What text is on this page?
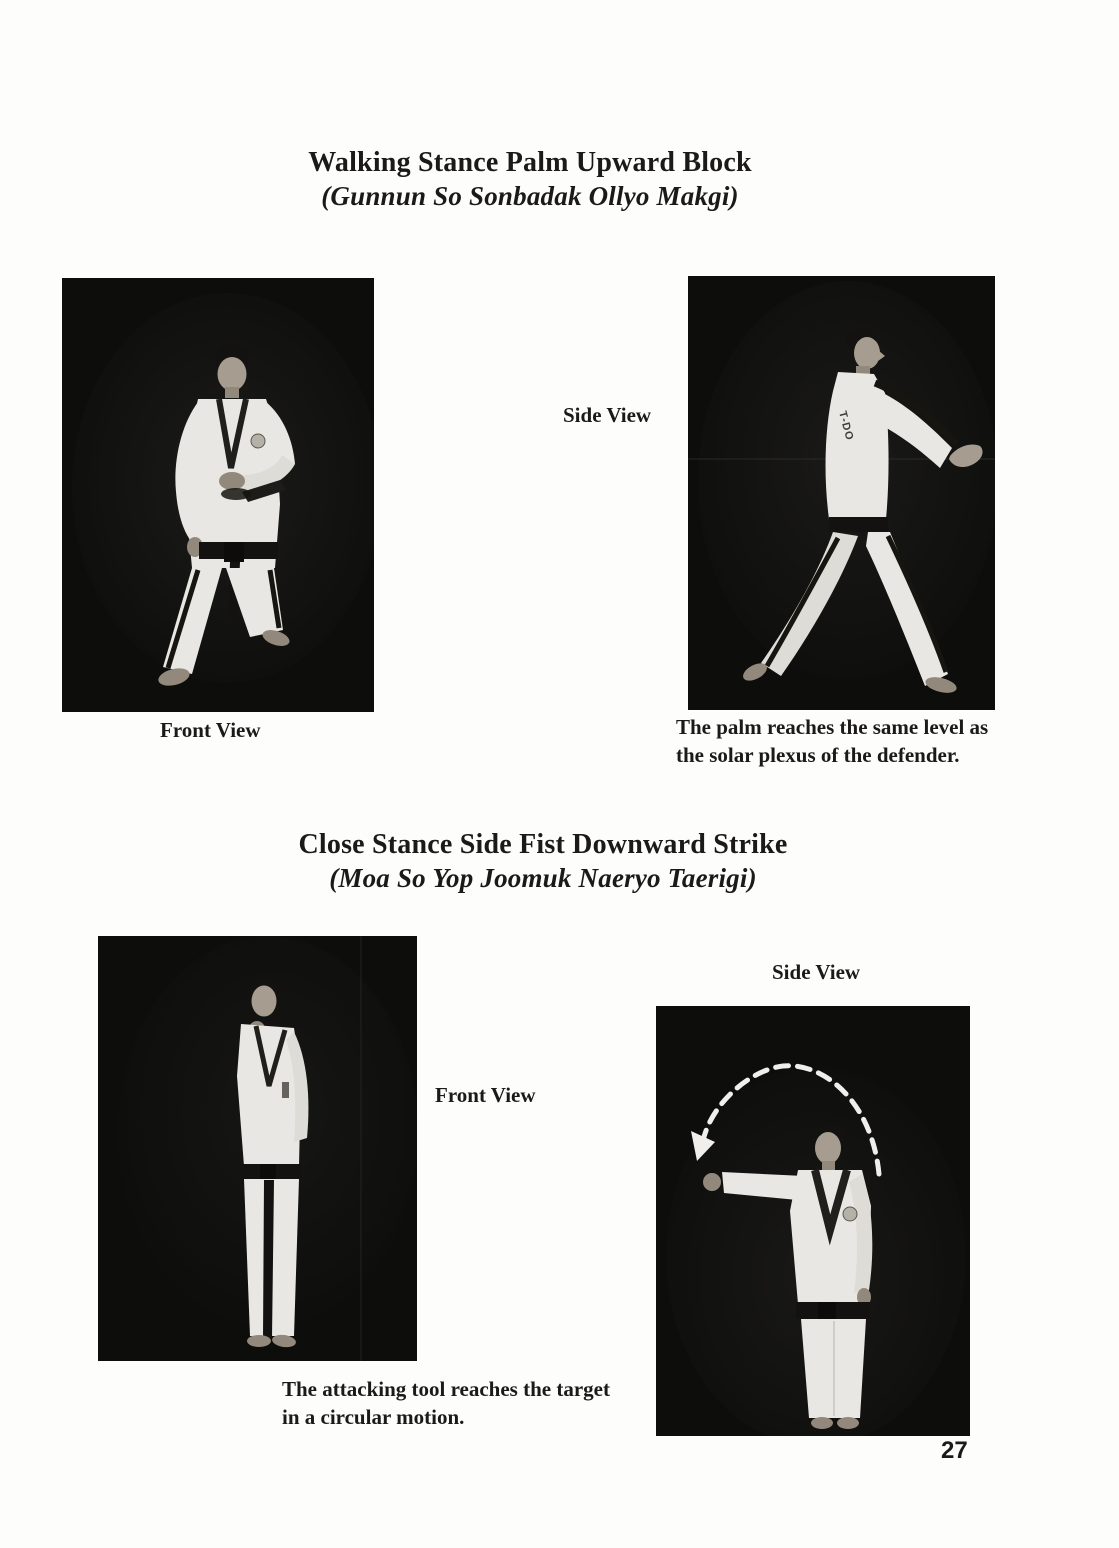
Walking Stance Palm Upward Block
(Gunnun So Sonbadak Ollyo Makgi)
Side View	T-DO
Front View	The palm reaches the same level as
the solar plexus of the defender.
Close Stance Side Fist Downward Strike
(Moa So Yop Joomuk Naeryo Taerigi)
Side View
Front View
The attacking tool reaches the target
in a circular motion.
27
